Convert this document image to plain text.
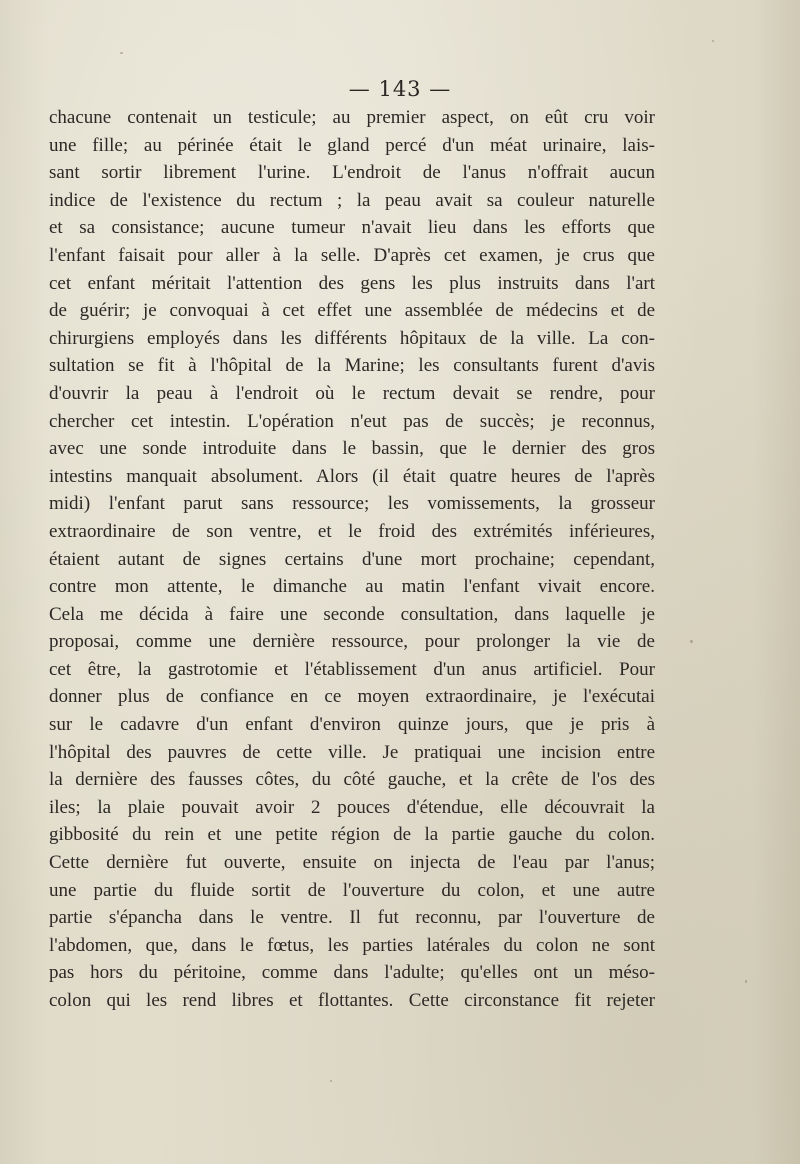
— 143 —
chacune contenait un testicule; au premier aspect, on eût cru voir
une fille; au périnée était le gland percé d'un méat urinaire, lais-
sant sortir librement l'urine. L'endroit de l'anus n'offrait aucun
indice de l'existence du rectum ; la peau avait sa couleur naturelle
et sa consistance; aucune tumeur n'avait lieu dans les efforts que
l'enfant faisait pour aller à la selle. D'après cet examen, je crus que
cet enfant méritait l'attention des gens les plus instruits dans l'art
de guérir; je convoquai à cet effet une assemblée de médecins et de
chirurgiens employés dans les différents hôpitaux de la ville. La con-
sultation se fit à l'hôpital de la Marine; les consultants furent d'avis
d'ouvrir la peau à l'endroit où le rectum devait se rendre, pour
chercher cet intestin. L'opération n'eut pas de succès; je reconnus,
avec une sonde introduite dans le bassin, que le dernier des gros
intestins manquait absolument. Alors (il était quatre heures de l'après
midi) l'enfant parut sans ressource; les vomissements, la grosseur
extraordinaire de son ventre, et le froid des extrémités inférieures,
étaient autant de signes certains d'une mort prochaine; cependant,
contre mon attente, le dimanche au matin l'enfant vivait encore.
Cela me décida à faire une seconde consultation, dans laquelle je
proposai, comme une dernière ressource, pour prolonger la vie de
cet être, la gastrotomie et l'établissement d'un anus artificiel. Pour
donner plus de confiance en ce moyen extraordinaire, je l'exécutai
sur le cadavre d'un enfant d'environ quinze jours, que je pris à
l'hôpital des pauvres de cette ville. Je pratiquai une incision entre
la dernière des fausses côtes, du côté gauche, et la crête de l'os des
iles; la plaie pouvait avoir 2 pouces d'étendue, elle découvrait la
gibbosité du rein et une petite région de la partie gauche du colon.
Cette dernière fut ouverte, ensuite on injecta de l'eau par l'anus;
une partie du fluide sortit de l'ouverture du colon, et une autre
partie s'épancha dans le ventre. Il fut reconnu, par l'ouverture de
l'abdomen, que, dans le fœtus, les parties latérales du colon ne sont
pas hors du péritoine, comme dans l'adulte; qu'elles ont un méso-
colon qui les rend libres et flottantes. Cette circonstance fit rejeter
